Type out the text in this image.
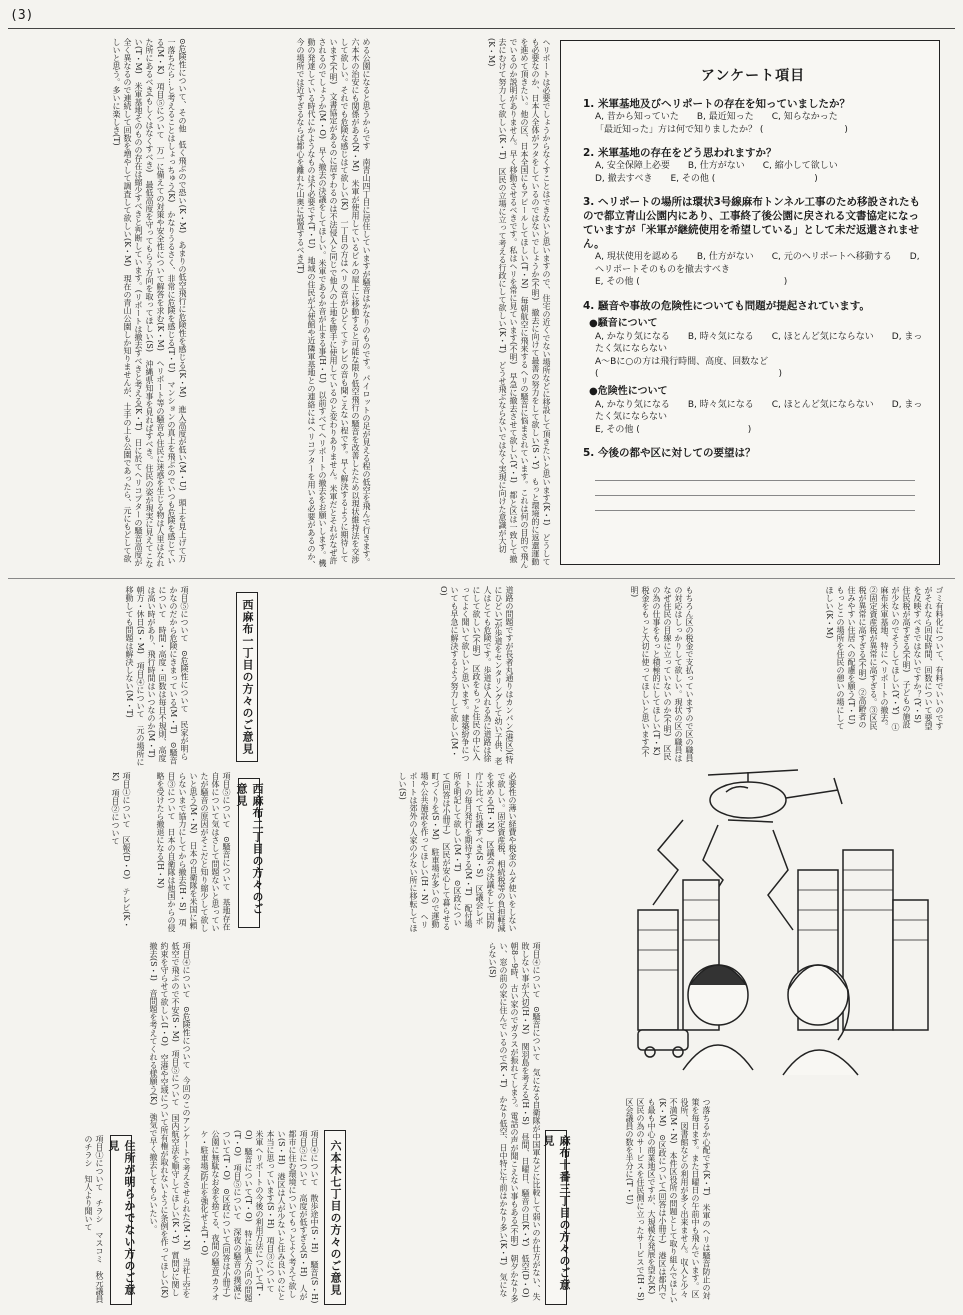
(3)

⊙危険性について、その他　低く飛ぶので恐い(K・M)　あまりの低空飛行に危険性を感じる(K・M)　進入高度が低い(M・U)　頭上を見上げて万一落ちたら…と考えることはしょっちゅう(K)　かなりうるさく、非常に危険を感じる(T・U)　マンションの真上を飛ぶのでいつも危険を感じている(M・K)　項目⑤について　万一に備えての対策や安全性について解答を求む(K・M)　ヘリポート等の騒音や住民に迷惑を生じる物は人里はなれた所にあるべき(もしくはなくすべき)　最低高度を守ってもらう方向を取ってほしい(S)　沖縄県知事を見ればすべき。住民の姿が現実に見えてこない(T・M)　米軍基地そのものの存在は縮少すべきと判断しています。(リポートは撤去すべきと考える(K・T)　日に於てヘリコプターの騒音高度が全く異なるので連続して回数を増やして調査して欲しい(K・M)　現在の青山公園しか知りませんが、土手の上も公園であったら、元にもどして欲しいと思う。多いに楽しき(T)	める公園になると思うからです　南青山四丁目に居住していますが騒音はかなりのものです。パイロットの足が見える程の低空を飛んで行きます。六本木の治安にも関係がある(N・M)　米軍が使用しているビルの屋上に移動すると可能な限り低空飛行の騒音を改善したため以現状維持法を交渉して欲しい。それでも危険な感じはて欲しい(K)　一丁目の方はヘリの音がひどくてテレビの音も聞こえない程です。早く解決するように期待しています(不明)　文書協定があるのに居すわるのは不法侵入と同じで他人の土地を勝手に使用しているのと変わりありません。米軍だとそれがなぜ許されるのでしょうか(M・O)　早く撤去の決議をしてほしい。米軍であるか音が止まる事(H・U)　以前すべてヘリポートの撤去をお願いします。機動の発達している時代にかようなものは不必要です(T・U)　地域の住民が大使館や近隣軍基地との連絡にはヘリコプターを用いる必要があるのか、今の場所では近すぎるならば都心を離れた山奥に設置するべき(T)	ヘリポートは必要でしょうからなくすことはできないと思いますので、住宅の近くでない場所などに移設して頂きたいと思います(K・I)　どうしても必要なのか、日本人全体がフタをしているのではないでしょうか(不明)　撤去に向けて最善の努力をして欲しい(S・Y)　もっと環境的に返還運動を進めて頂きたい。他の区、日本全国にもアピールしてほしい(T・N)　毎朝航空に飛来するヘリの騒音に悩まされています。これは何の目的で飛んでいるのか説明がありません。早く移動させるべきです。私はヘリを常に見ています(不明)　早急に撤去させて欲しい(Y・I)　都と区は一致して撤去にむけて努力して欲しい(K・T)　区民の立場に立って考える行政にして欲しい(K・T)　どうせ飛ぶならないではなく実現に向けた意識が大切(K・M)

アンケート項目
1. 米軍基地及びヘリポートの存在を知っていましたか？
A, 昔から知っていた　　B, 最近知った　　C, 知らなかった
「最近知った」方は何で知りましたか？ (　　　　　　　　　)
2. 米軍基地の存在をどう思われますか？
A, 安全保障上必要　　B, 仕方がない　　C, 縮小して欲しい
D, 撤去すべき　　E, その他 (　　　　　　　　　　　)
3. ヘリポートの場所は環状3号線麻布トンネル工事のため移設されたもので都立青山公園内にあり、工事終了後公園に戻される文書協定になっていますが「米軍が継続使用を希望している」として未だ返還されません。
A, 現状使用を認める　　B, 仕方がない　　C, 元のヘリポートへ移動する　　D, ヘリポートそのものを撤去すべき
E, その他 (　　　　　　　　　　　　　　　　)
4. 騒音や事故の危険性についても問題が提起されています。
●騒音について
A, かなり気になる　　B, 時々気になる　　C, ほとんど気にならない　　D, まったく気にならない
A〜Bに○の方は飛行時間、高度、回数など
(　　　　　　　　　　　　　　　　　　　　)
●危険性について
A, かなり気になる　　B, 時々気になる　　C, ほとんど気にならない　　D, まったく気にならない
E, その他 (　　　　　　　　　　　　)
5. 今後の都や区に対しての要望は？

項目⑤について　⊙危険性について　民家が明らかなのだから危険にきまっている(M・T)　⊙騒音について　時間・高度・回数は毎日不規則、高度は高い時があり、飛行時間はいつなのか(M・T)　朝方・休日(S・M)　項目④について　元の場所に移動しても問題は解決しない(M・T)	西麻布一丁目の方々のご意見	道路の問題ですが長者丸通りはカンパン(港区)(特にひどい)が歩道をセンタリングして幼い子供、老人はとても危険です。歩道は入れる為に道路は徐にして欲しい(不明)　区政をもっと住民の中に入ってよく聞いて欲しいと思います。建築紛争についても早急に解決するよう努力して欲しい(M・O)	もちろん区の税金で支払っていますので区の職員の対応はしっかりして欲しい。現状の区の職員はなぜ住民の目線に立っていないのか(不明)　区民の為の仕事をもっと積極的にしてほしい(T・K)　税金をもっと大切に使ってほしいと思います(不明)	ゴミ有料化について、有料でいいのですがそれなら回収時間、回数について要望を反映すべきではないですか？(Y・S)　住民税が高すぎる(不明)　子どもの施設が少ないのでそうしてほしい(Y・Y)　①麻布米軍基地、特にヘリポートの撤去。②固定資産税が異常に高すぎる。③区民税が異常に高すぎる(不明)　②高齢者の住みやすい住居への配慮を願う(T・U)　もっとこの場所を住民の憩いの場にしてほしい(K・M)

項目①について　区報(D・O)　テレビ(K・K)　項目②について	項目⑤について　⊙騒音について　基地存在自体について気はさして問題ないと思っていたが騒音の原因がそこだと知り縮少して欲しいと思う(M・N)　日本の自衛隊を米国に頼らないまで協力にしてから撤去(H・S)　項目③について　日本の自衛隊は他国からの侵略を受けたら撤退になる(H・N)	西麻布二丁目の方々のご意見	必要性の薄い経費や税金のムダ使いをしないで欲しい。固定資産税、相続税等の負担軽減を求める(H・N)　区議会の決議をして国防庁に比べて抗議すべき(S・S)　区議会レポートの毎月発行を期待する(M・T)　配付場所を明記して欲しい(M・T)　⊙区政について(回答は小冊子)　区民が安心して暮らせる町づくりを(S・M)　駐車場が多いので運動場や公共施設を作ってほしい(H・N)　ヘリポートは郊外の人家の少ない所に移転してほしい(S)

項目④について　⊙危険性について　今回のこのアンケートで考えさせられた(M・N)　当社上空を低空で飛ぶので不安(S・M)　項目⑤について　国内航空法を順守してほしい(K・Y)　質問3に関し約束を守らせて欲しい(I・O)　空港や空域について所有権が取れないように条例を作ってほしい(K)　撤去(S・I)　音問題を考えてくれる様願う(K)　強気で早く撤去してもらいたい。	六本木七丁目の方々のご意見

項目④について　散歩途中(S・H)　騒音(S・H)　項目⑤について　高度が低すぎる(S・H)　人が都市に住む環境についてもっとよく考えて欲しい(S・H)　港区は人が少ないと住み良いのにと本当に思っています(S・H)　項目③について　米軍ヘリポートの今後の利用方法について(T・O)　騒音について(T・O)　特に進入方向の問題(T・O)　項目⑤について　深夜の騒音の撲滅について(T・O)　⊙区政について(回答は小冊子)　公園に無駄なお金を捨てる、夜間の騒音(カラオケ・駐車場)防止を強化せよ(T・O)

住所が明らかでない方のご意見

項目①について　チラシ　マスコミ　秋元議員のチラシ　知人より聞いて	項目④について　⊙騒音について　気になる自衛隊が中国軍などに比較して弱いのか仕方がない、失敗しない事が大切(H・N)　関羽島を考える(H・S)　昼間、日曜日、騒音の日(K・Y)　低空(D・O)　朝8〜9時、古い家のでガラスが振れてしまう。電話の声が聞こえない事もある(不明)　朝夕かなり多い、窓の前の家に住んでいるので(K・T)　かなり低空、日中特に午前はかなり多い(K・T)　気にならない(S)

麻布十番三丁目の方々のご意見	つ落ちるか心配です(K・T)　米軍のヘリは騒音防止の対策を毎日ます。また日曜日の午前中も飛んでいます。区役所、図書館などの利用が多く出来ません。収入と少々不満(M・N)　本件区役所の問題として取り組んでほしい(K・M)　⊙区政について(回答は小冊子)　港区は都内でも最も中心の商業地区ですが、大規模な発展を望む(K)　区民の為のサービスを住民側に立ったサービスで(H・S)　区会議員の数を半分に(T・U)
